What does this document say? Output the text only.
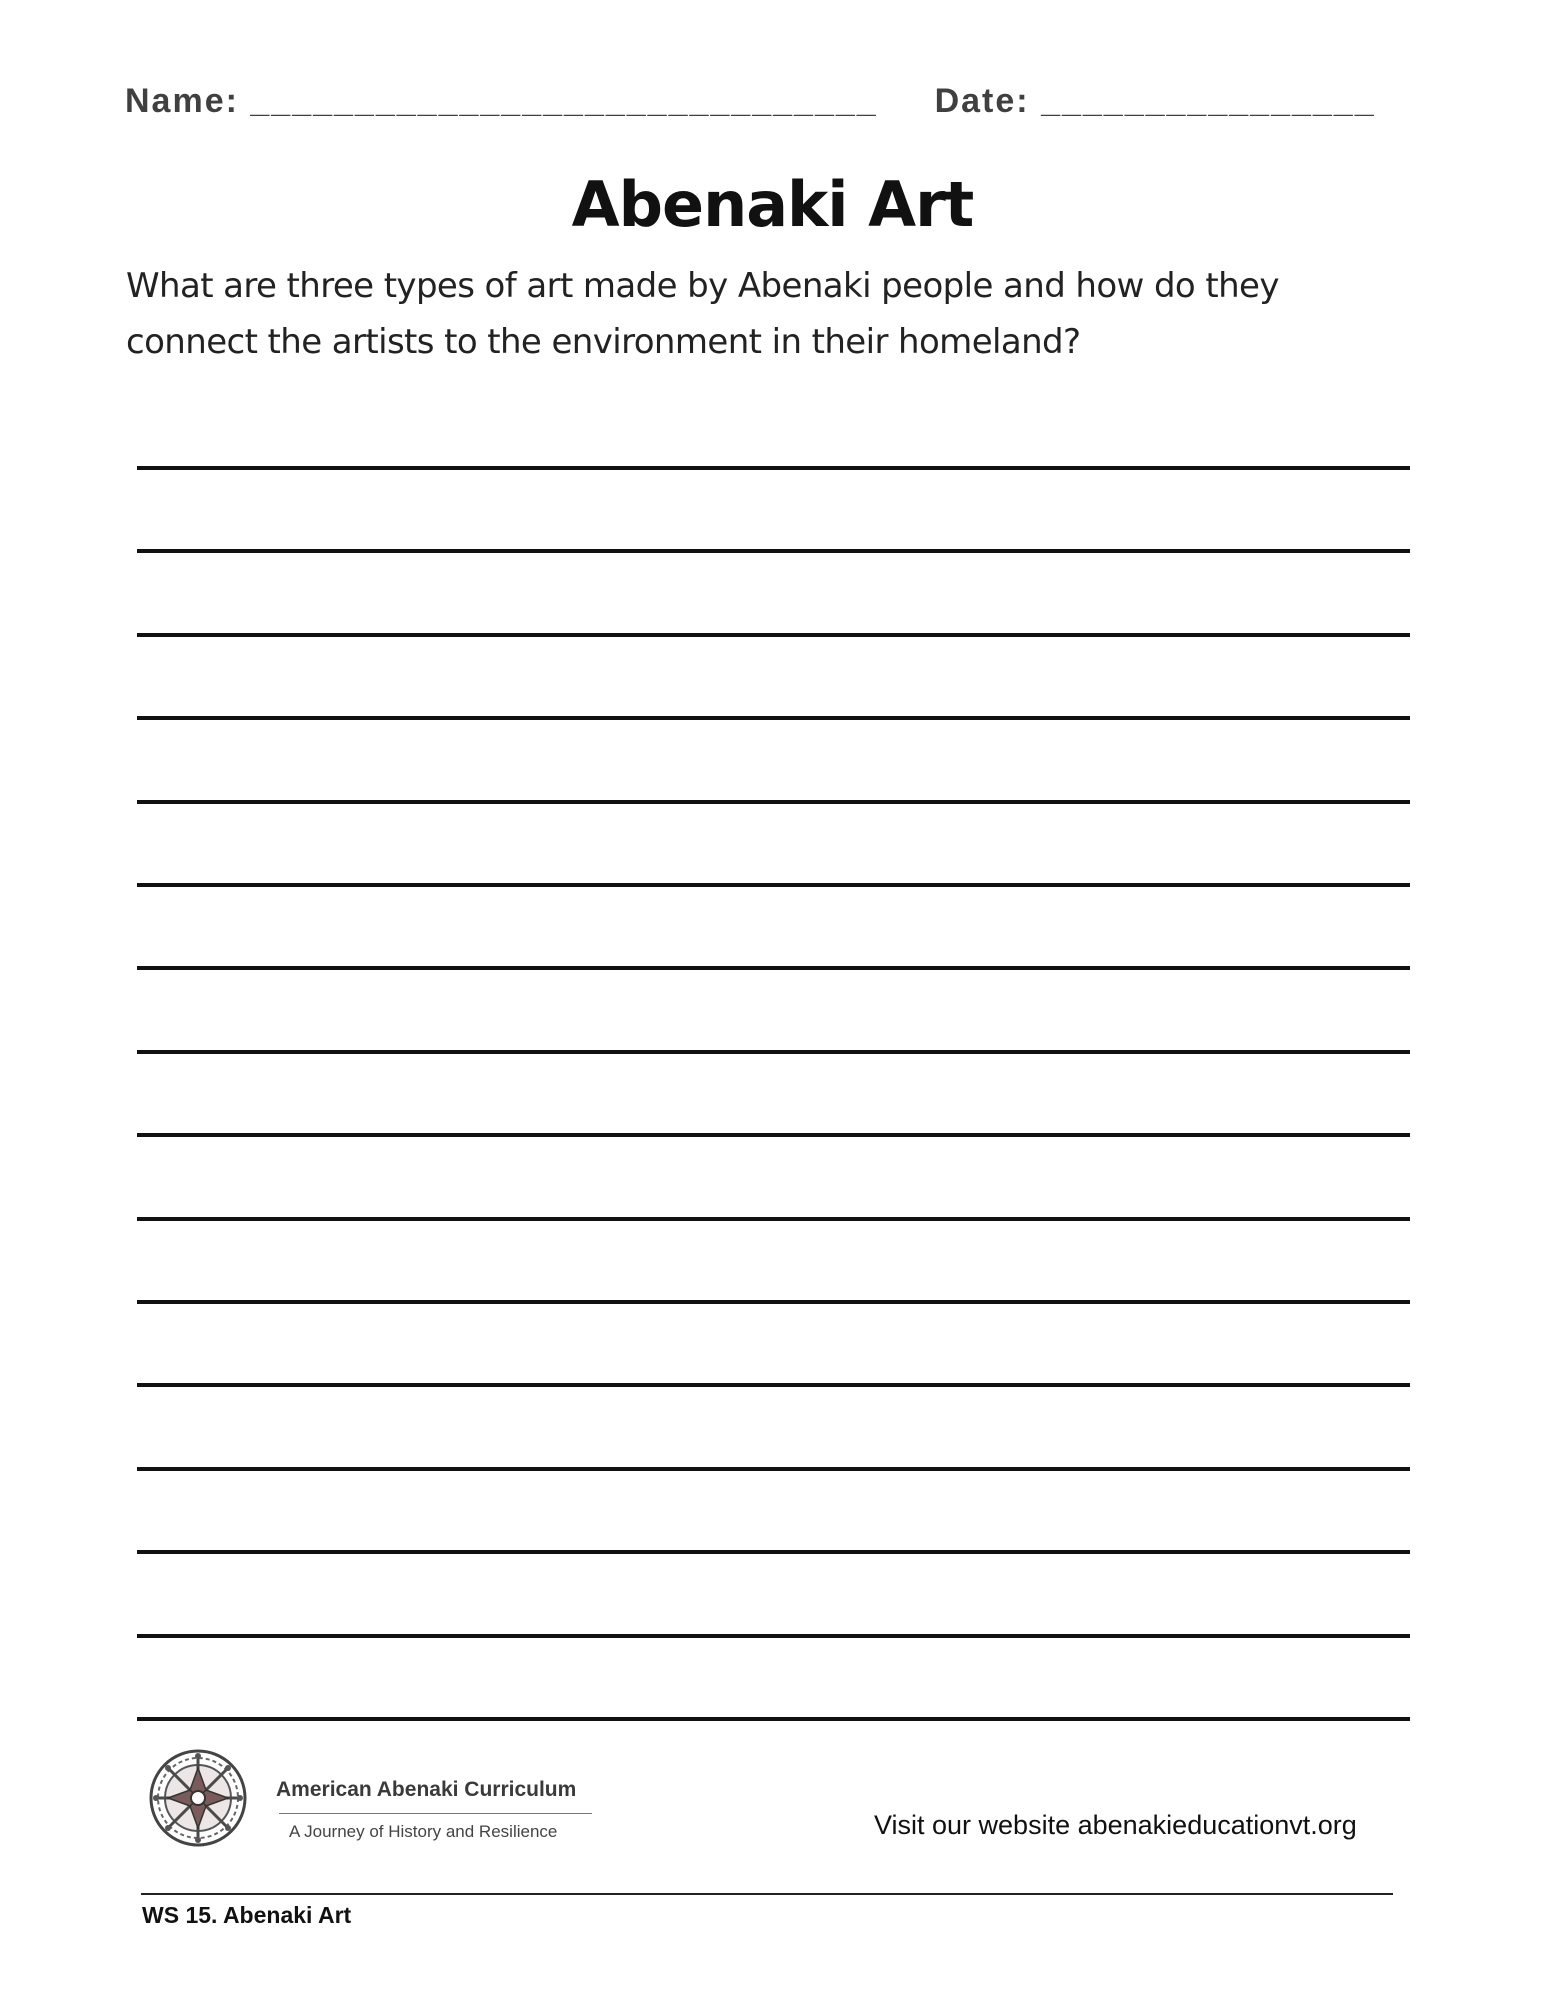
Name: ______________________________ Date: ________________
Abenaki Art
What are three types of art made by Abenaki people and how do they connect the artists to the environment in their homeland?
American Abenaki Curriculum
A Journey of History and Resilience	Visit our website abenakieducationvt.org
WS 15. Abenaki Art
